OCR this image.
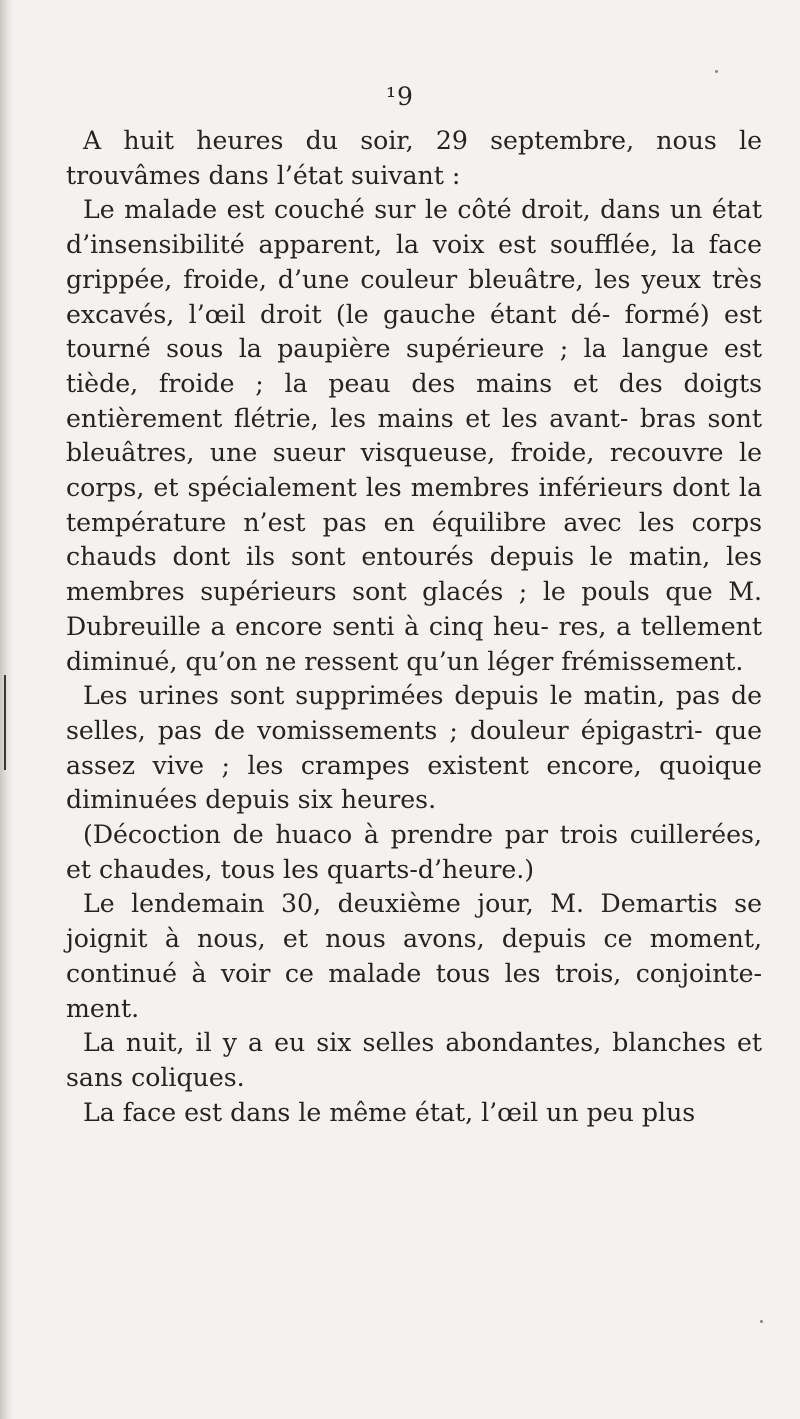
¹9

A huit heures du soir, 29 septembre, nous le trouvâmes dans l’état suivant :

Le malade est couché sur le côté droit, dans un état d’insensibilité apparent, la voix est soufflée, la face grippée, froide, d’une couleur bleuâtre, les yeux très excavés, l’œil droit (le gauche étant dé- formé) est tourné sous la paupière supérieure ; la langue est tiède, froide ; la peau des mains et des doigts entièrement flétrie, les mains et les avant- bras sont bleuâtres, une sueur visqueuse, froide, recouvre le corps, et spécialement les membres inférieurs dont la température n’est pas en équilibre avec les corps chauds dont ils sont entourés depuis le matin, les membres supérieurs sont glacés ; le pouls que M. Dubreuille a encore senti à cinq heu- res, a tellement diminué, qu’on ne ressent qu’un léger frémissement.

Les urines sont supprimées depuis le matin, pas de selles, pas de vomissements ; douleur épigastri- que assez vive ; les crampes existent encore, quoique diminuées depuis six heures.

(Décoction de huaco à prendre par trois cuillerées, et chaudes, tous les quarts-d’heure.)

Le lendemain 30, deuxième jour, M. Demartis se joignit à nous, et nous avons, depuis ce moment, continué à voir ce malade tous les trois, conjointe- ment.

La nuit, il y a eu six selles abondantes, blanches et sans coliques.

La face est dans le même état, l’œil un peu plus
